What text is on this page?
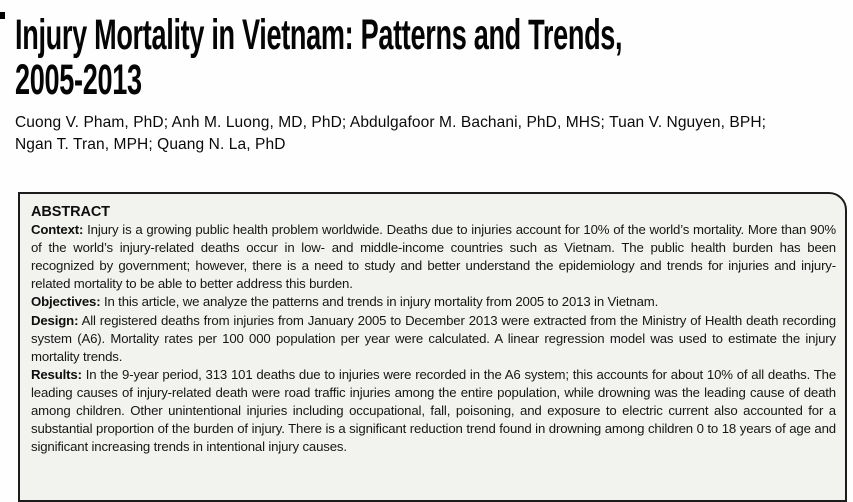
Injury Mortality in Vietnam: Patterns and Trends,
2005-2013
Cuong V. Pham, PhD; Anh M. Luong, MD, PhD; Abdulgafoor M. Bachani, PhD, MHS; Tuan V. Nguyen, BPH;
Ngan T. Tran, MPH; Quang N. La, PhD
ABSTRACT

Context: Injury is a growing public health problem worldwide. Deaths due to injuries account for 10% of the world’s mortality. More than 90% of the world’s injury-related deaths occur in low- and middle-income countries such as Vietnam. The public health burden has been recognized by government; however, there is a need to study and better understand the epidemiology and trends for injuries and injury-related mortality to be able to better address this burden.

Objectives: In this article, we analyze the patterns and trends in injury mortality from 2005 to 2013 in Vietnam.

Design: All registered deaths from injuries from January 2005 to December 2013 were extracted from the Ministry of Health death recording system (A6). Mortality rates per 100 000 population per year were calculated. A linear regression model was used to estimate the injury mortality trends.

Results: In the 9-year period, 313 101 deaths due to injuries were recorded in the A6 system; this accounts for about 10% of all deaths. The leading causes of injury-related death were road traffic injuries among the entire population, while drowning was the leading cause of death among children. Other unintentional injuries including occupational, fall, poisoning, and exposure to electric current also accounted for a substantial proportion of the burden of injury. There is a significant reduction trend found in drowning among children 0 to 18 years of age and significant increasing trends in intentional injury causes.
